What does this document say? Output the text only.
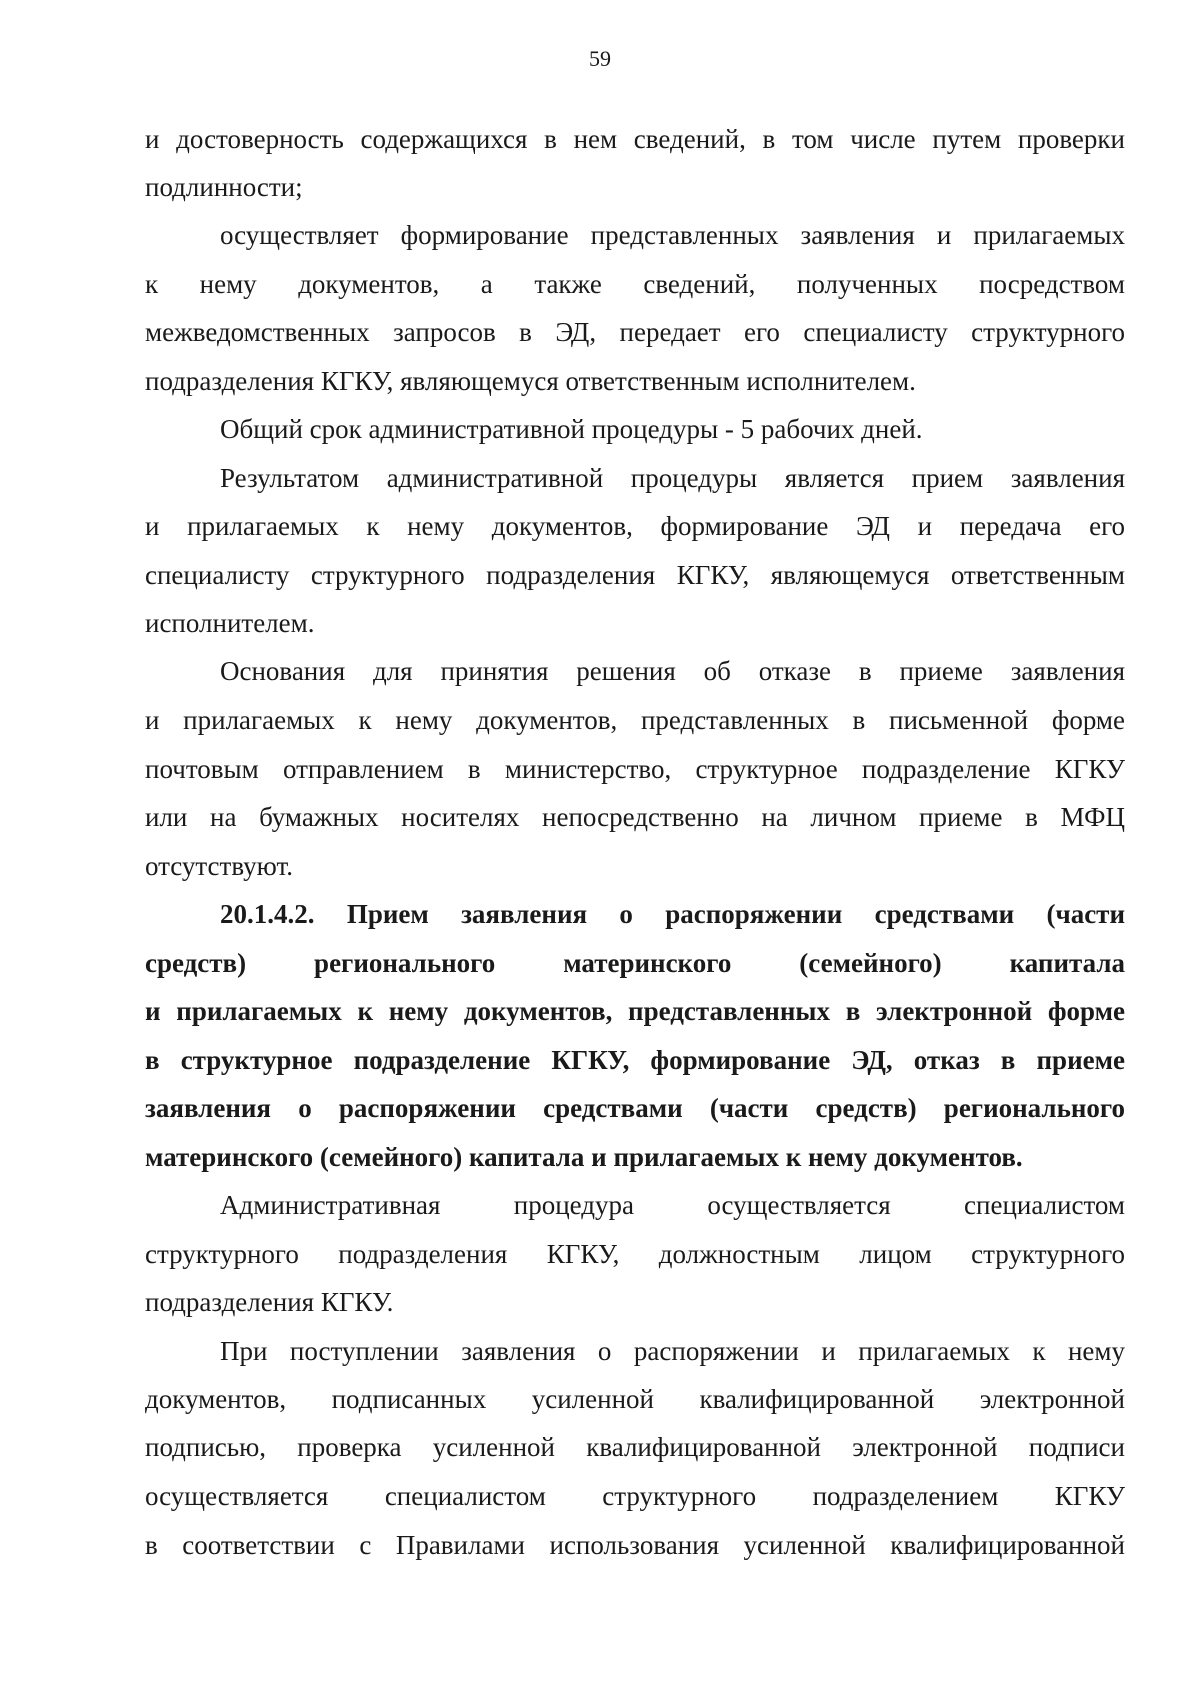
59
и достоверность содержащихся в нем сведений, в том числе путем проверки
подлинности;
осуществляет формирование представленных заявления и прилагаемых
к нему документов, а также сведений, полученных посредством
межведомственных запросов в ЭД, передает его специалисту структурного
подразделения КГКУ, являющемуся ответственным исполнителем.
Общий срок административной процедуры - 5 рабочих дней.
Результатом административной процедуры является прием заявления
и прилагаемых к нему документов, формирование ЭД и передача его
специалисту структурного подразделения КГКУ, являющемуся ответственным
исполнителем.
Основания для принятия решения об отказе в приеме заявления
и прилагаемых к нему документов, представленных в письменной форме
почтовым отправлением в министерство, структурное подразделение КГКУ
или на бумажных носителях непосредственно на личном приеме в МФЦ
отсутствуют.
20.1.4.2. Прием заявления о распоряжении средствами (части
средств) регионального материнского (семейного) капитала
и прилагаемых к нему документов, представленных в электронной форме
в структурное подразделение КГКУ, формирование ЭД, отказ в приеме
заявления о распоряжении средствами (части средств) регионального
материнского (семейного) капитала и прилагаемых к нему документов.
Административная процедура осуществляется специалистом
структурного подразделения КГКУ, должностным лицом структурного
подразделения КГКУ.
При поступлении заявления о распоряжении и прилагаемых к нему
документов, подписанных усиленной квалифицированной электронной
подписью, проверка усиленной квалифицированной электронной подписи
осуществляется специалистом структурного подразделением КГКУ
в соответствии с Правилами использования усиленной квалифицированной
